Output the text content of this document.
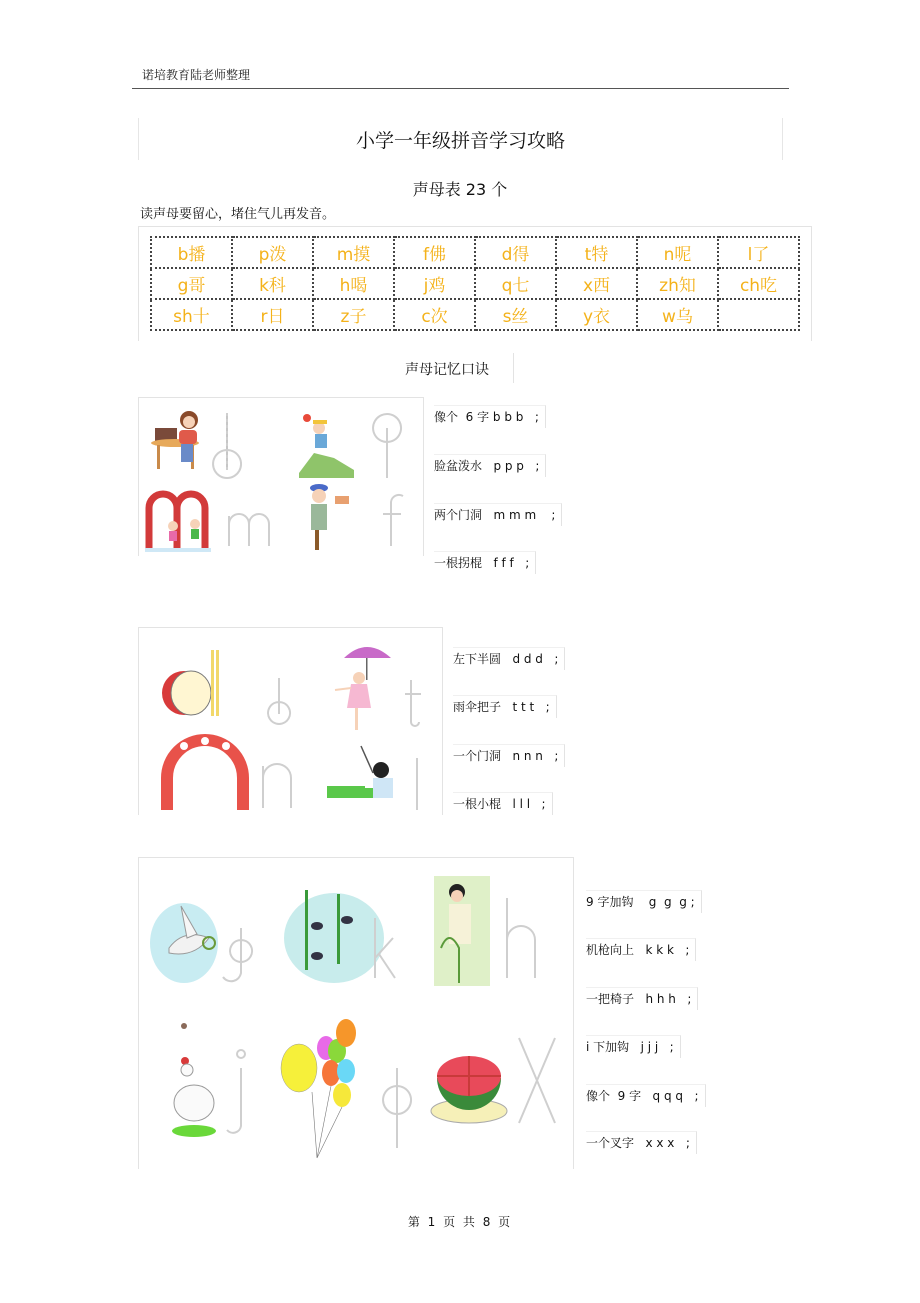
诺培教育陆老师整理
小学一年级拼音学习攻略
声母表 23 个
读声母要留心，堵住气儿再发音。
b播	p泼	m摸	f佛	d得	t特	n呢	l了
g哥	k科	h喝	j鸡	q七	x西	zh知	ch吃
sh十	r日	z子	c次	s丝	y衣	w乌	
声母记忆口诀
像个  6 字 b b b   ;
脸盆泼水   p p p   ;
两个门洞   m m m    ;
一根拐棍   f f f   ;
左下半圆   d d d   ;
雨伞把子   t t t   ;
一个门洞   n n n   ;
一根小棍   l l l   ;
9 字加钩    g  g  g ;
机枪向上   k k k   ;
一把椅子   h h h   ;
i 下加钩   j j j   ;
像个  9 字   q q q   ;
一个叉字   x x x   ;
第 1 页 共 8 页
